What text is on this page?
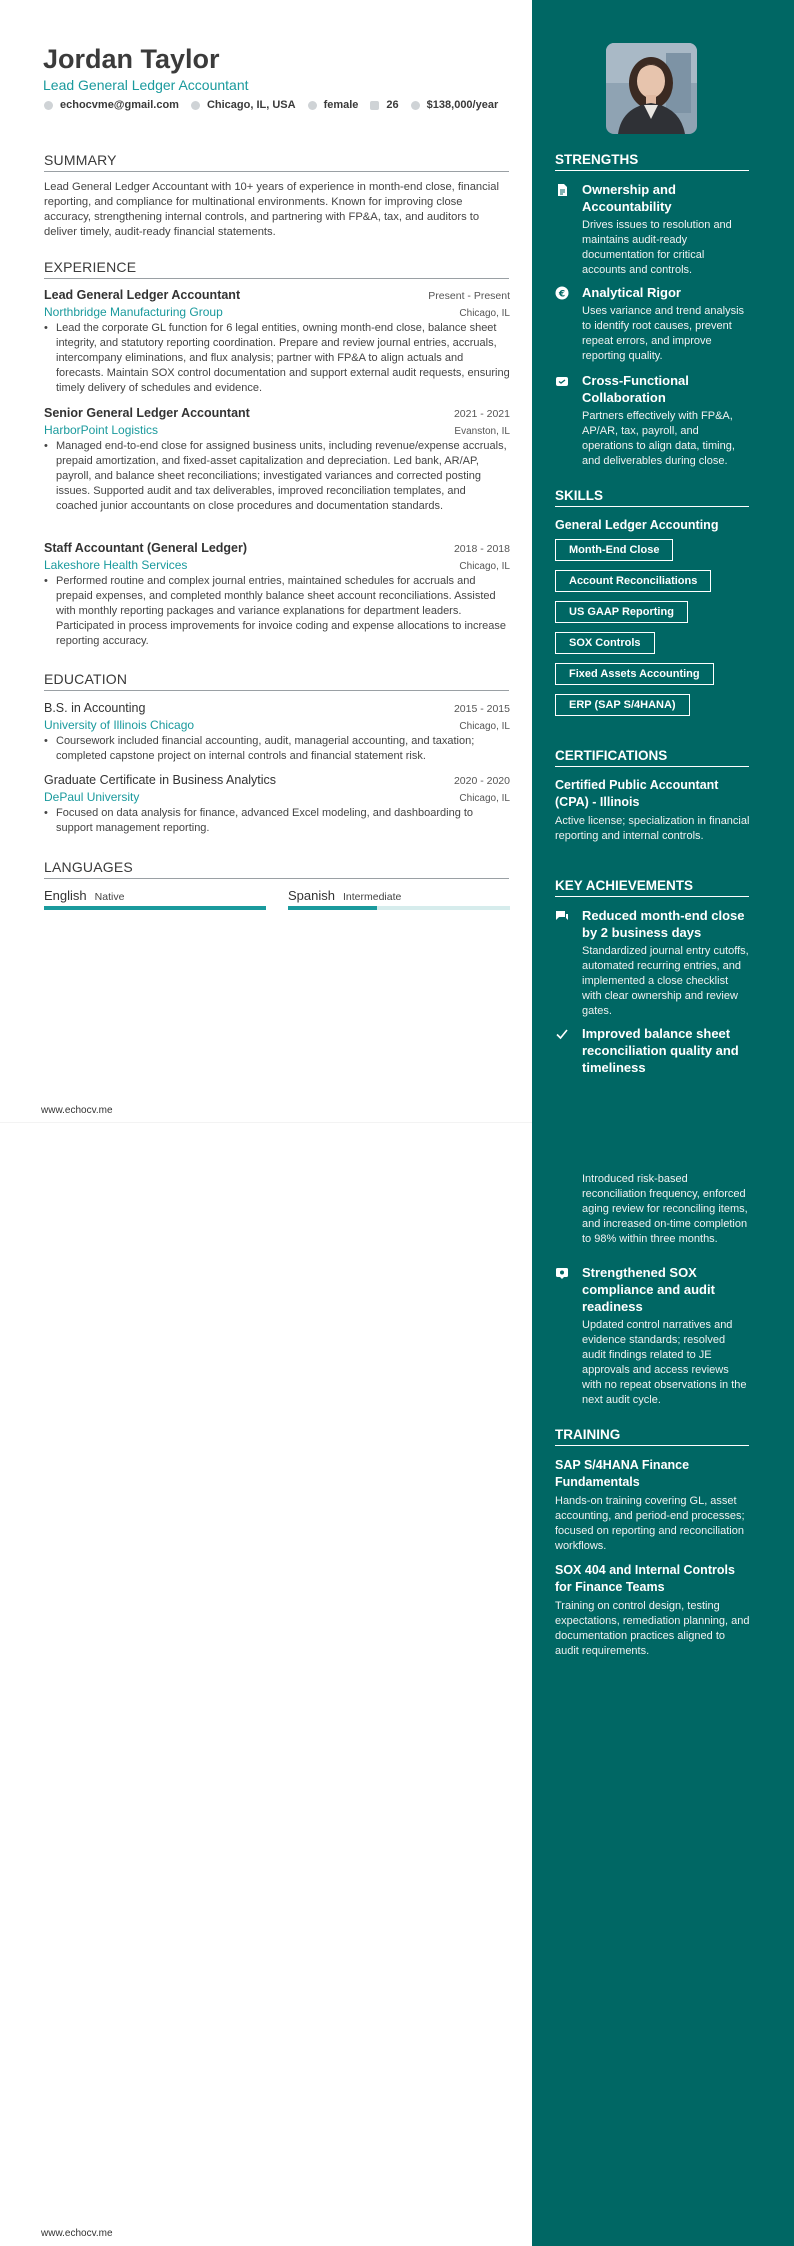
Jordan Taylor
Lead General Ledger Accountant
echocvme@gmail.com	Chicago, IL, USA	female	26	$138,000/year
SUMMARY
Lead General Ledger Accountant with 10+ years of experience in month-end close, financial reporting, and compliance for multinational environments. Known for improving close accuracy, strengthening internal controls, and partnering with FP&A, tax, and auditors to deliver timely, audit-ready financial statements.
EXPERIENCE
Lead General Ledger Accountant	Present - Present
Northbridge Manufacturing Group	Chicago, IL
• Lead the corporate GL function for 6 legal entities, owning month-end close, balance sheet integrity, and statutory reporting coordination. Prepare and review journal entries, accruals, intercompany eliminations, and flux analysis; partner with FP&A to align actuals and forecasts. Maintain SOX control documentation and support external audit requests, ensuring timely delivery of schedules and evidence.
Senior General Ledger Accountant	2021 - 2021
HarborPoint Logistics	Evanston, IL
• Managed end-to-end close for assigned business units, including revenue/expense accruals, prepaid amortization, and fixed-asset capitalization and depreciation. Led bank, AR/AP, payroll, and balance sheet reconciliations; investigated variances and corrected posting issues. Supported audit and tax deliverables, improved reconciliation templates, and coached junior accountants on close procedures and documentation standards.
Staff Accountant (General Ledger)	2018 - 2018
Lakeshore Health Services	Chicago, IL
• Performed routine and complex journal entries, maintained schedules for accruals and prepaid expenses, and completed monthly balance sheet account reconciliations. Assisted with monthly reporting packages and variance explanations for department leaders. Participated in process improvements for invoice coding and expense allocations to increase reporting accuracy.
EDUCATION
B.S. in Accounting	2015 - 2015
University of Illinois Chicago	Chicago, IL
• Coursework included financial accounting, audit, managerial accounting, and taxation; completed capstone project on internal controls and financial statement risk.
Graduate Certificate in Business Analytics	2020 - 2020
DePaul University	Chicago, IL
• Focused on data analysis for finance, advanced Excel modeling, and dashboarding to support management reporting.
LANGUAGES
English Native	Spanish Intermediate
www.echocv.me
www.echocv.me
STRENGTHS
Ownership and Accountability
Drives issues to resolution and maintains audit-ready documentation for critical accounts and controls.
€ Analytical Rigor
Uses variance and trend analysis to identify root causes, prevent repeat errors, and improve reporting quality.
Cross-Functional Collaboration
Partners effectively with FP&A, AP/AR, tax, payroll, and operations to align data, timing, and deliverables during close.
SKILLS
General Ledger Accounting
Month-End Close
Account Reconciliations
US GAAP Reporting
SOX Controls
Fixed Assets Accounting
ERP (SAP S/4HANA)
CERTIFICATIONS
Certified Public Accountant (CPA) - Illinois
Active license; specialization in financial reporting and internal controls.
KEY ACHIEVEMENTS
Reduced month-end close by 2 business days
Standardized journal entry cutoffs, automated recurring entries, and implemented a close checklist with clear ownership and review gates.
Improved balance sheet reconciliation quality and timeliness
Introduced risk-based reconciliation frequency, enforced aging review for reconciling items, and increased on-time completion to 98% within three months.
Strengthened SOX compliance and audit readiness
Updated control narratives and evidence standards; resolved audit findings related to JE approvals and access reviews with no repeat observations in the next audit cycle.
TRAINING
SAP S/4HANA Finance Fundamentals
Hands-on training covering GL, asset accounting, and period-end processes; focused on reporting and reconciliation workflows.
SOX 404 and Internal Controls for Finance Teams
Training on control design, testing expectations, remediation planning, and documentation practices aligned to audit requirements.
